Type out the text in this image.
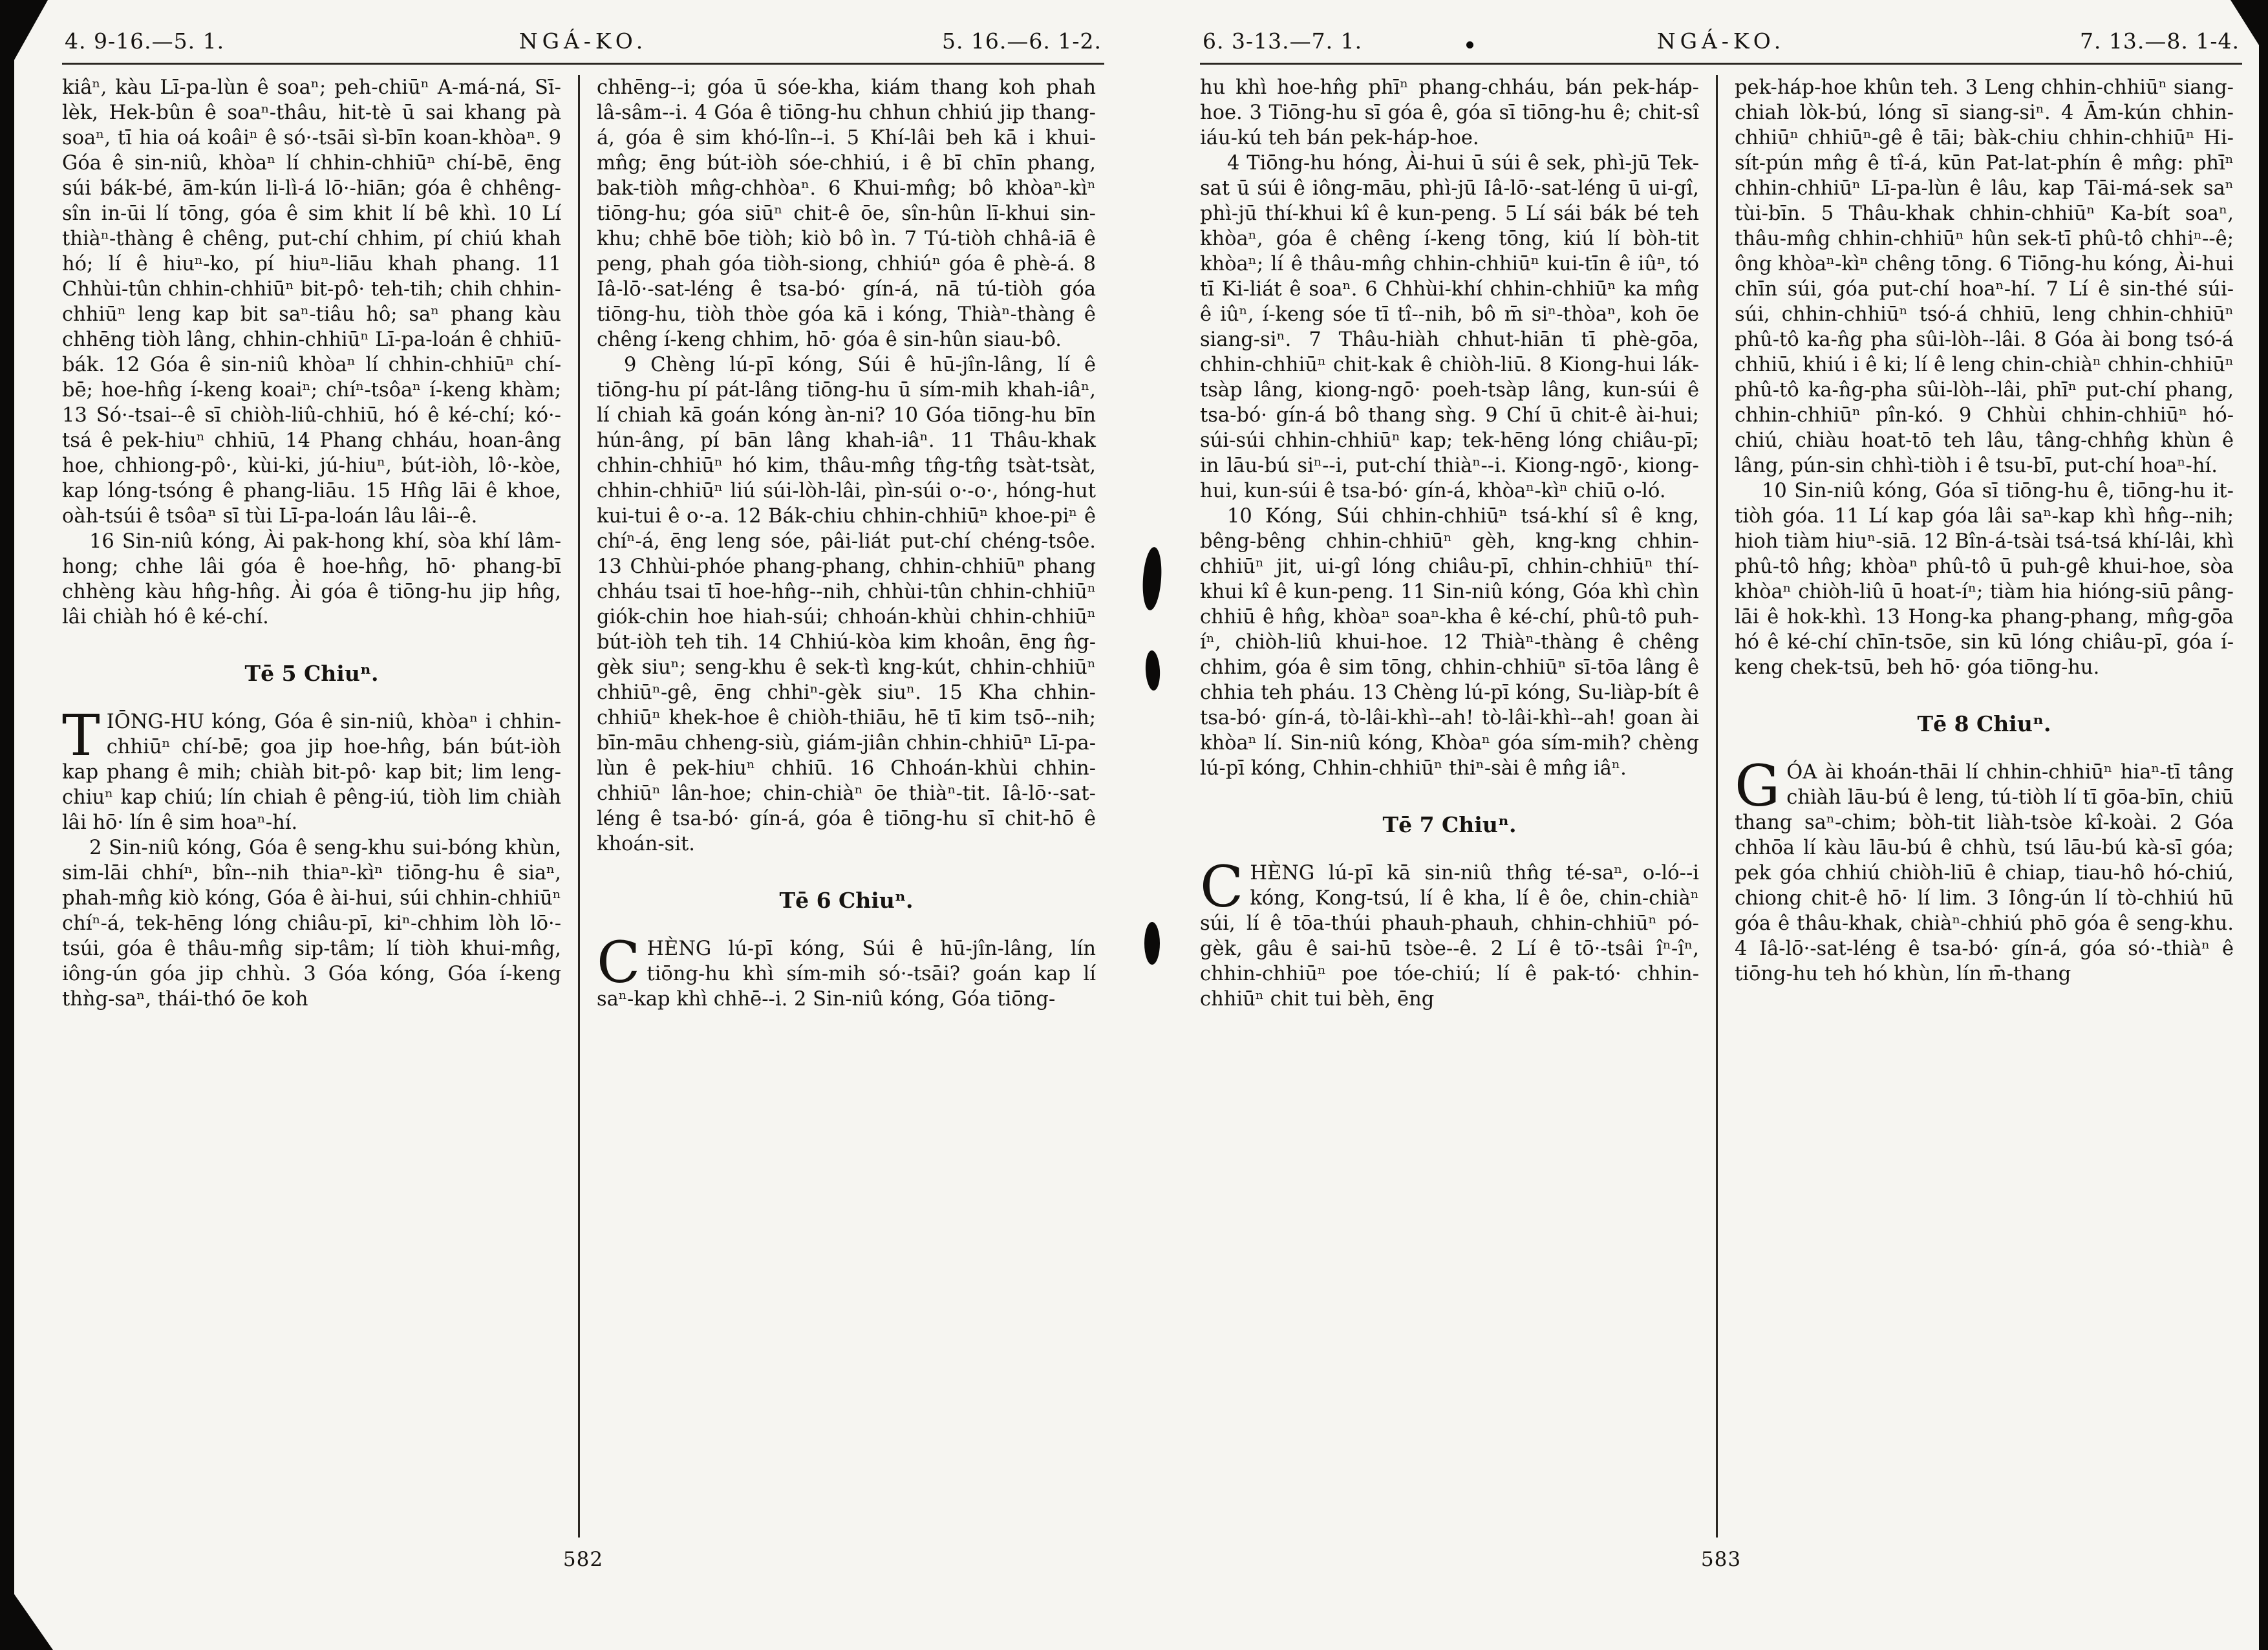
4. 9-16.—5. 1.	NGÁ-KO.	5. 16.—6. 1-2.

kiâⁿ, kàu Lī-pa-lùn ê soaⁿ; peh-chiūⁿ A-má-ná, Sī-lèk, Hek-bûn ê soaⁿ-thâu, hit-tè ū sai khang pà soaⁿ, tī hia oá koâiⁿ ê só·-tsāi sì-bīn koan-khòaⁿ. 9 Góa ê sin-niû, khòaⁿ lí chhin-chhiūⁿ chí-bē, ēng súi bák-bé, ām-kún li-lì-á lō·-hiān; góa ê chhêng-sîn in-ūi lí tōng, góa ê sim khit lí bê khì. 10 Lí thiàⁿ-thàng ê chêng, put-chí chhim, pí chiú khah hó; lí ê hiuⁿ-ko, pí hiuⁿ-liāu khah phang. 11 Chhùi-tûn chhin-chhiūⁿ bit-pô· teh-tih; chih chhin-chhiūⁿ leng kap bit saⁿ-tiâu hô; saⁿ phang kàu chhēng tiòh lâng, chhin-chhiūⁿ Lī-pa-loán ê chhiū-bák. 12 Góa ê sin-niû khòaⁿ lí chhin-chhiūⁿ chí-bē; hoe-hn̂g í-keng koaiⁿ; chíⁿ-tsôaⁿ í-keng khàm; 13 Só·-tsai--ê sī chiòh-liû-chhiū, hó ê ké-chí; kó·-tsá ê pek-hiuⁿ chhiū, 14 Phang chháu, hoan-âng hoe, chhiong-pô·, kùi-ki, jú-hiuⁿ, bút-iòh, lô·-kòe, kap lóng-tsóng ê phang-liāu. 15 Hn̂g lāi ê khoe, oàh-tsúi ê tsôaⁿ sī tùi Lī-pa-loán lâu lâi--ê.

16 Sin-niû kóng, Ài pak-hong khí, sòa khí lâm-hong; chhe lâi góa ê hoe-hn̂g, hō· phang-bī chhèng kàu hn̂g-hn̂g. Ài góa ê tiōng-hu jip hn̂g, lâi chiàh hó ê ké-chí.

Tē 5 Chiuⁿ.

TIŌNG-HU kóng, Góa ê sin-niû, khòaⁿ i chhin-chhiūⁿ chí-bē; goa jip hoe-hn̂g, bán bút-iòh kap phang ê mih; chiàh bit-pô· kap bit; lim leng-chiuⁿ kap chiú; lín chiah ê pêng-iú, tiòh lim chiàh lâi hō· lín ê sim hoaⁿ-hí.

2 Sin-niû kóng, Góa ê seng-khu sui-bóng khùn, sim-lāi chhíⁿ, bîn--nih thiaⁿ-kìⁿ tiōng-hu ê siaⁿ, phah-mn̂g kiò kóng, Góa ê ài-hui, súi chhin-chhiūⁿ chíⁿ-á, tek-hēng lóng chiâu-pī, kiⁿ-chhim lòh lō·-tsúi, góa ê thâu-mn̂g sip-tâm; lí tiòh khui-mn̂g, iông-ún góa jip chhù. 3 Góa kóng, Góa í-keng thǹg-saⁿ, thái-thó ōe koh

chhēng--i; góa ū sóe-kha, kiám thang koh phah lâ-sâm--i. 4 Góa ê tiōng-hu chhun chhiú jip thang-á, góa ê sim khó-lîn--i. 5 Khí-lâi beh kā i khui-mn̂g; ēng bút-iòh sóe-chhiú, i ê bī chīn phang, bak-tiòh mn̂g-chhòaⁿ. 6 Khui-mn̂g; bô khòaⁿ-kìⁿ tiōng-hu; góa siūⁿ chit-ê ōe, sîn-hûn lī-khui sin-khu; chhē bōe tiòh; kiò bô ìn. 7 Tú-tiòh chhâ-iā ê peng, phah góa tiòh-siong, chhiúⁿ góa ê phè-á. 8 Iâ-lō·-sat-léng ê tsa-bó· gín-á, nā tú-tiòh góa tiōng-hu, tiòh thòe góa kā i kóng, Thiàⁿ-thàng ê chêng í-keng chhim, hō· góa ê sin-hûn siau-bô.

9 Chèng lú-pī kóng, Súi ê hū-jîn-lâng, lí ê tiōng-hu pí pát-lâng tiōng-hu ū sím-mih khah-iâⁿ, lí chiah kā goán kóng àn-ni? 10 Góa tiōng-hu bīn hún-âng, pí bān lâng khah-iâⁿ. 11 Thâu-khak chhin-chhiūⁿ hó kim, thâu-mn̂g tn̂g-tn̂g tsàt-tsàt, chhin-chhiūⁿ liú súi-lòh-lâi, pìn-súi o·-o·, hóng-hut kui-tui ê o·-a. 12 Bák-chiu chhin-chhiūⁿ khoe-piⁿ ê chíⁿ-á, ēng leng sóe, pâi-liát put-chí chéng-tsôe. 13 Chhùi-phóe phang-phang, chhin-chhiūⁿ phang chháu tsai tī hoe-hn̂g--nih, chhùi-tûn chhin-chhiūⁿ giók-chin hoe hiah-súi; chhoán-khùi chhin-chhiūⁿ bút-iòh teh tih. 14 Chhiú-kòa kim khoân, ēng n̂g-gèk siuⁿ; seng-khu ê sek-tì kng-kút, chhin-chhiūⁿ chhiūⁿ-gê, ēng chhiⁿ-gèk siuⁿ. 15 Kha chhin-chhiūⁿ khek-hoe ê chiòh-thiāu, hē tī kim tsō--nih; bīn-māu chheng-siù, giám-jiân chhin-chhiūⁿ Lī-pa-lùn ê pek-hiuⁿ chhiū. 16 Chhoán-khùi chhin-chhiūⁿ lân-hoe; chin-chiàⁿ ōe thiàⁿ-tit. Iâ-lō·-sat-léng ê tsa-bó· gín-á, góa ê tiōng-hu sī chit-hō ê khoán-sit.

Tē 6 Chiuⁿ.

CHÈNG lú-pī kóng, Súi ê hū-jîn-lâng, lín tiōng-hu khì sím-mih só·-tsāi? goán kap lí saⁿ-kap khì chhē--i. 2 Sin-niû kóng, Góa tiōng-

582
6. 3-13.—7. 1.	NGÁ-KO.	7. 13.—8. 1-4.

hu khì hoe-hn̂g phīⁿ phang-chháu, bán pek-háp-hoe. 3 Tiōng-hu sī góa ê, góa sī tiōng-hu ê; chit-sî iáu-kú teh bán pek-háp-hoe.

4 Tiōng-hu hóng, Ài-hui ū súi ê sek, phì-jū Tek-sat ū súi ê iông-māu, phì-jū Iâ-lō·-sat-léng ū ui-gî, phì-jū thí-khui kî ê kun-peng. 5 Lí sái bák bé teh khòaⁿ, góa ê chêng í-keng tōng, kiú lí bòh-tit khòaⁿ; lí ê thâu-mn̂g chhin-chhiūⁿ kui-tīn ê iûⁿ, tó tī Ki-liát ê soaⁿ. 6 Chhùi-khí chhin-chhiūⁿ ka mn̂g ê iûⁿ, í-keng sóe tī tî--nih, bô m̄ siⁿ-thòaⁿ, koh ōe siang-siⁿ. 7 Thâu-hiàh chhut-hiān tī phè-gōa, chhin-chhiūⁿ chit-kak ê chiòh-liū. 8 Kiong-hui lák-tsàp lâng, kiong-ngō· poeh-tsàp lâng, kun-súi ê tsa-bó· gín-á bô thang sǹg. 9 Chí ū chit-ê ài-hui; súi-súi chhin-chhiūⁿ kap; tek-hēng lóng chiâu-pī; in lāu-bú siⁿ--i, put-chí thiàⁿ--i. Kiong-ngō·, kiong-hui, kun-súi ê tsa-bó· gín-á, khòaⁿ-kìⁿ chiū o-ló.

10 Kóng, Súi chhin-chhiūⁿ tsá-khí sî ê kng, bêng-bêng chhin-chhiūⁿ gèh, kng-kng chhin-chhiūⁿ jit, ui-gî lóng chiâu-pī, chhin-chhiūⁿ thí-khui kî ê kun-peng. 11 Sin-niû kóng, Góa khì chìn chhiū ê hn̂g, khòaⁿ soaⁿ-kha ê ké-chí, phû-tô puh-íⁿ, chiòh-liû khui-hoe. 12 Thiàⁿ-thàng ê chêng chhim, góa ê sim tōng, chhin-chhiūⁿ sī-tōa lâng ê chhia teh pháu. 13 Chèng lú-pī kóng, Su-liàp-bít ê tsa-bó· gín-á, tò-lâi-khì--ah! tò-lâi-khì--ah! goan ài khòaⁿ lí. Sin-niû kóng, Khòaⁿ góa sím-mih? chèng lú-pī kóng, Chhin-chhiūⁿ thiⁿ-sài ê mn̂g iâⁿ.

Tē 7 Chiuⁿ.

CHÈNG lú-pī kā sin-niû thn̂g té-saⁿ, o-ló--i kóng, Kong-tsú, lí ê kha, lí ê ôe, chin-chiàⁿ súi, lí ê tōa-thúi phauh-phauh, chhin-chhiūⁿ pó-gèk, gâu ê sai-hū tsòe--ê. 2 Lí ê tō·-tsâi îⁿ-îⁿ, chhin-chhiūⁿ poe tóe-chiú; lí ê pak-tó· chhin-chhiūⁿ chit tui bèh, ēng

pek-háp-hoe khûn teh. 3 Leng chhin-chhiūⁿ siang-chiah lòk-bú, lóng sī siang-siⁿ. 4 Ām-kún chhin-chhiūⁿ chhiūⁿ-gê ê tāi; bàk-chiu chhin-chhiūⁿ Hi-sít-pún mn̂g ê tî-á, kūn Pat-lat-phín ê mn̂g: phīⁿ chhin-chhiūⁿ Lī-pa-lùn ê lâu, kap Tāi-má-sek saⁿ tùi-bīn. 5 Thâu-khak chhin-chhiūⁿ Ka-bít soaⁿ, thâu-mn̂g chhin-chhiūⁿ hûn sek-tī phû-tô chhiⁿ--ê; ông khòaⁿ-kìⁿ chêng tōng. 6 Tiōng-hu kóng, Ài-hui chīn súi, góa put-chí hoaⁿ-hí. 7 Lí ê sin-thé súi-súi, chhin-chhiūⁿ tsó-á chhiū, leng chhin-chhiūⁿ phû-tô ka-n̂g pha sûi-lòh--lâi. 8 Góa ài bong tsó-á chhiū, khiú i ê ki; lí ê leng chin-chiàⁿ chhin-chhiūⁿ phû-tô ka-n̂g-pha sûi-lòh--lâi, phīⁿ put-chí phang, chhin-chhiūⁿ pîn-kó. 9 Chhùi chhin-chhiūⁿ hó-chiú, chiàu hoat-tō teh lâu, tâng-chhn̂g khùn ê lâng, pún-sin chhì-tiòh i ê tsu-bī, put-chí hoaⁿ-hí.

10 Sin-niû kóng, Góa sī tiōng-hu ê, tiōng-hu it-tiòh góa. 11 Lí kap góa lâi saⁿ-kap khì hn̂g--nih; hioh tiàm hiuⁿ-siā. 12 Bîn-á-tsài tsá-tsá khí-lâi, khì phû-tô hn̂g; khòaⁿ phû-tô ū puh-gê khui-hoe, sòa khòaⁿ chiòh-liû ū hoat-íⁿ; tiàm hia hióng-siū pâng-lāi ê hok-khì. 13 Hong-ka phang-phang, mn̂g-gōa hó ê ké-chí chīn-tsōe, sin kū lóng chiâu-pī, góa í-keng chek-tsū, beh hō· góa tiōng-hu.

Tē 8 Chiuⁿ.

GÓA ài khoán-thāi lí chhin-chhiūⁿ hiaⁿ-tī tâng chiàh lāu-bú ê leng, tú-tiòh lí tī gōa-bīn, chiū thang saⁿ-chim; bòh-tit liàh-tsòe kî-koài. 2 Góa chhōa lí kàu lāu-bú ê chhù, tsú lāu-bú kà-sī góa; pek góa chhiú chiòh-liū ê chiap, tiau-hô hó-chiú, chiong chit-ê hō· lí lim. 3 Iông-ún lí tò-chhiú hū góa ê thâu-khak, chiàⁿ-chhiú phō góa ê seng-khu. 4 Iâ-lō·-sat-léng ê tsa-bó· gín-á, góa só·-thiàⁿ ê tiōng-hu teh hó khùn, lín m̄-thang

583
